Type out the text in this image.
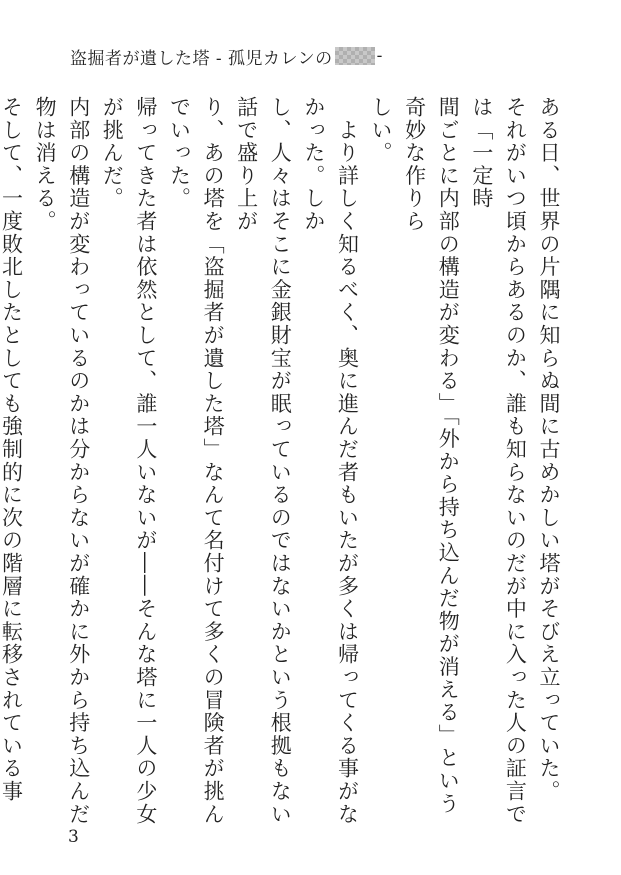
盗掘者が遺した塔 - 孤児カレンの	-
ある日、世界の片隅に知らぬ間に古めかしい塔がそびえ立っていた。
それがいつ頃からあるのか、誰も知らないのだが中に入った人の証言では「一定時
間ごとに内部の構造が変わる」「外から持ち込んだ物が消える」という奇妙な作りら
しい。
　より詳しく知るべく、奥に進んだ者もいたが多くは帰ってくる事がなかった。しか
し、人々はそこに金銀財宝が眠っているのではないかという根拠もない話で盛り上が
り、あの塔を「盗掘者が遺した塔」なんて名付けて多くの冒険者が挑んでいった。
帰ってきた者は依然として、誰一人いないが――そんな塔に一人の少女が挑んだ。
内部の構造が変わっているのかは分からないが確かに外から持ち込んだ物は消える。
そして、一度敗北したとしても強制的に次の階層に転移されている事

3
